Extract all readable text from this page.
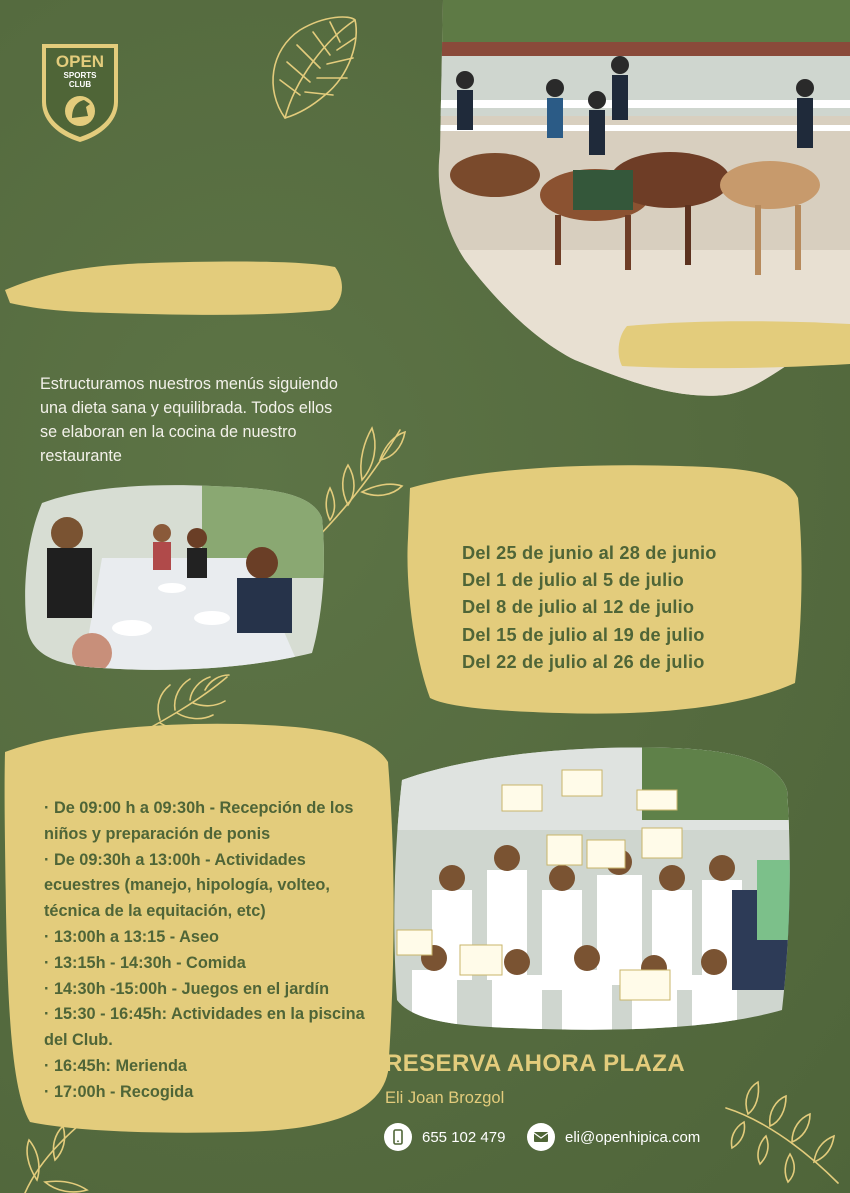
OPEN
SPORTS
CLUB
Estructuramos nuestros menús siguiendo una dieta sana y equilibrada. Todos ellos se elaboran en la cocina de nuestro restaurante
Del 25 de junio al 28 de junio
Del 1 de julio al 5 de julio
Del 8 de julio al 12 de julio
Del 15 de julio al 19 de julio
Del 22 de julio al 26 de julio
· De 09:00 h a 09:30h - Recepción de los niños y preparación de ponis
· De 09:30h a 13:00h - Actividades ecuestres (manejo, hipología, volteo, técnica de la equitación, etc)
· 13:00h a 13:15 - Aseo
· 13:15h - 14:30h - Comida
· 14:30h -15:00h - Juegos en el jardín
· 15:30 - 16:45h: Actividades en la piscina del Club.
· 16:45h: Merienda
· 17:00h - Recogida
RESERVA AHORA PLAZA
Eli Joan Brozgol
655 102 479	eli@openhipica.com
